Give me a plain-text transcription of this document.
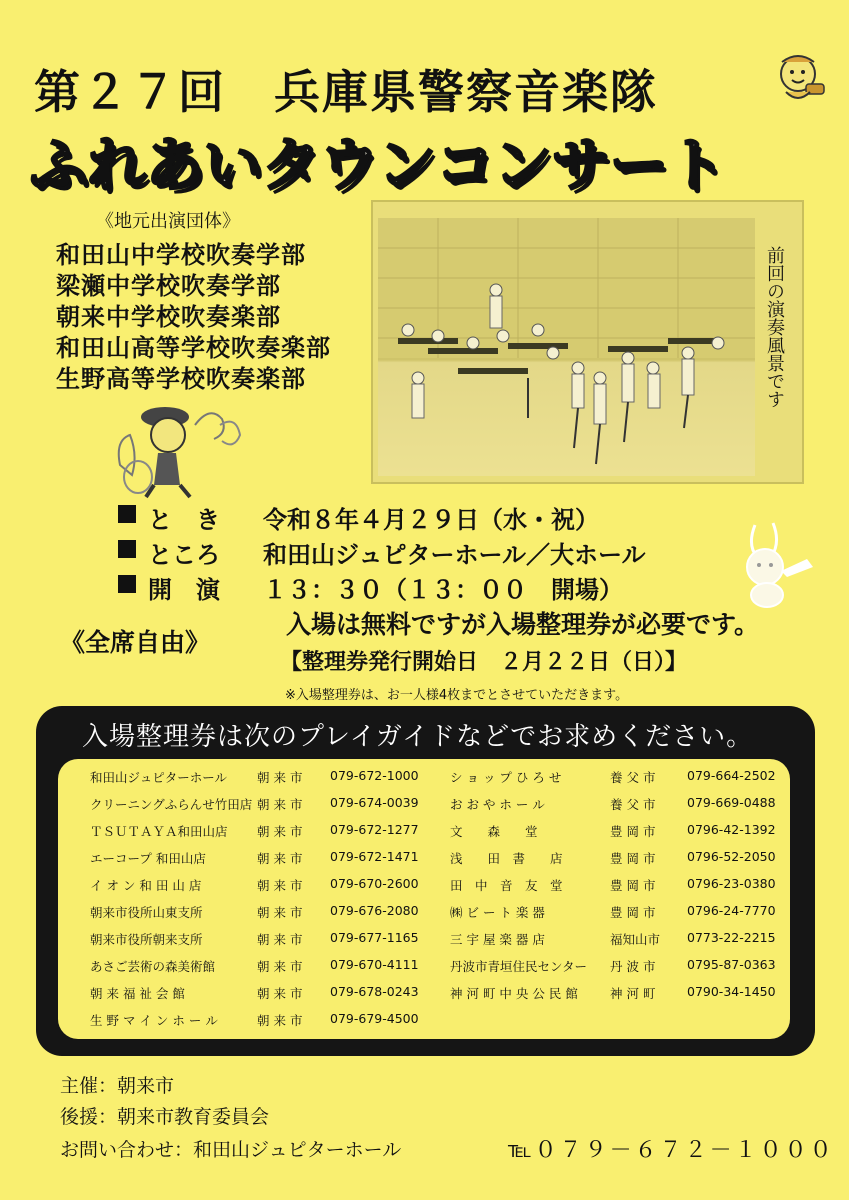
第２７回　兵庫県警察音楽隊
ふれあいタウンコンサート
《地元出演団体》
和田山中学校吹奏学部
梁瀬中学校吹奏学部
朝来中学校吹奏楽部
和田山高等学校吹奏楽部
生野高等学校吹奏楽部	前回の演奏風景です
と　き 令和８年４月２９日（水・祝）
ところ 和田山ジュピターホール／大ホール
開　演 １３：３０（１３：００　開場）
入場は無料ですが入場整理券が必要です。
《全席自由》
【整理券発行開始日　２月２２日（日）】
※入場整理券は、お一人様4枚までとさせていただきます。
入場整理券は次のプレイガイドなどでお求めください。
和田山ジュピターホール 朝 来 市 079-672-1000
クリーニングふらんせ竹田店 朝 来 市 079-674-0039
ＴＳＵＴＡＹＡ和田山店 朝 来 市 079-672-1277
エーコープ 和田山店	朝 来 市 079-672-1471
イ オ ン 和 田 山 店	朝 来 市 079-670-2600
朝来市役所山東支所	朝 来 市 079-676-2080
朝来市役所朝来支所	朝 来 市 079-677-1165
あさご芸術の森美術館	朝 来 市 079-670-4111
朝 来 福 祉 会 館	朝 来 市 079-678-0243
生 野 マ イ ン ホ ー ル	朝 来 市 079-679-4500
シ ョ ッ プ ひ ろ せ	養 父 市	079-664-2502
お お や ホ ー ル	養 父 市	079-669-0488
文　　森　　堂	豊 岡 市	0796-42-1392
浅　　田　書　　店	豊 岡 市	0796-52-2050
田　中　音　友　堂	豊 岡 市	0796-23-0380
㈱ ビ ー ト 楽 器	豊 岡 市	0796-24-7770
三 宇 屋 楽 器 店	福知山市 0773-22-2215
丹波市青垣住民センター 丹 波 市	0795-87-0363
神 河 町 中 央 公 民 館	神 河 町	0790-34-1450
主催：朝来市
後援：朝来市教育委員会
お問い合わせ：和田山ジュピターホール	℡０７９－６７２－１０００
